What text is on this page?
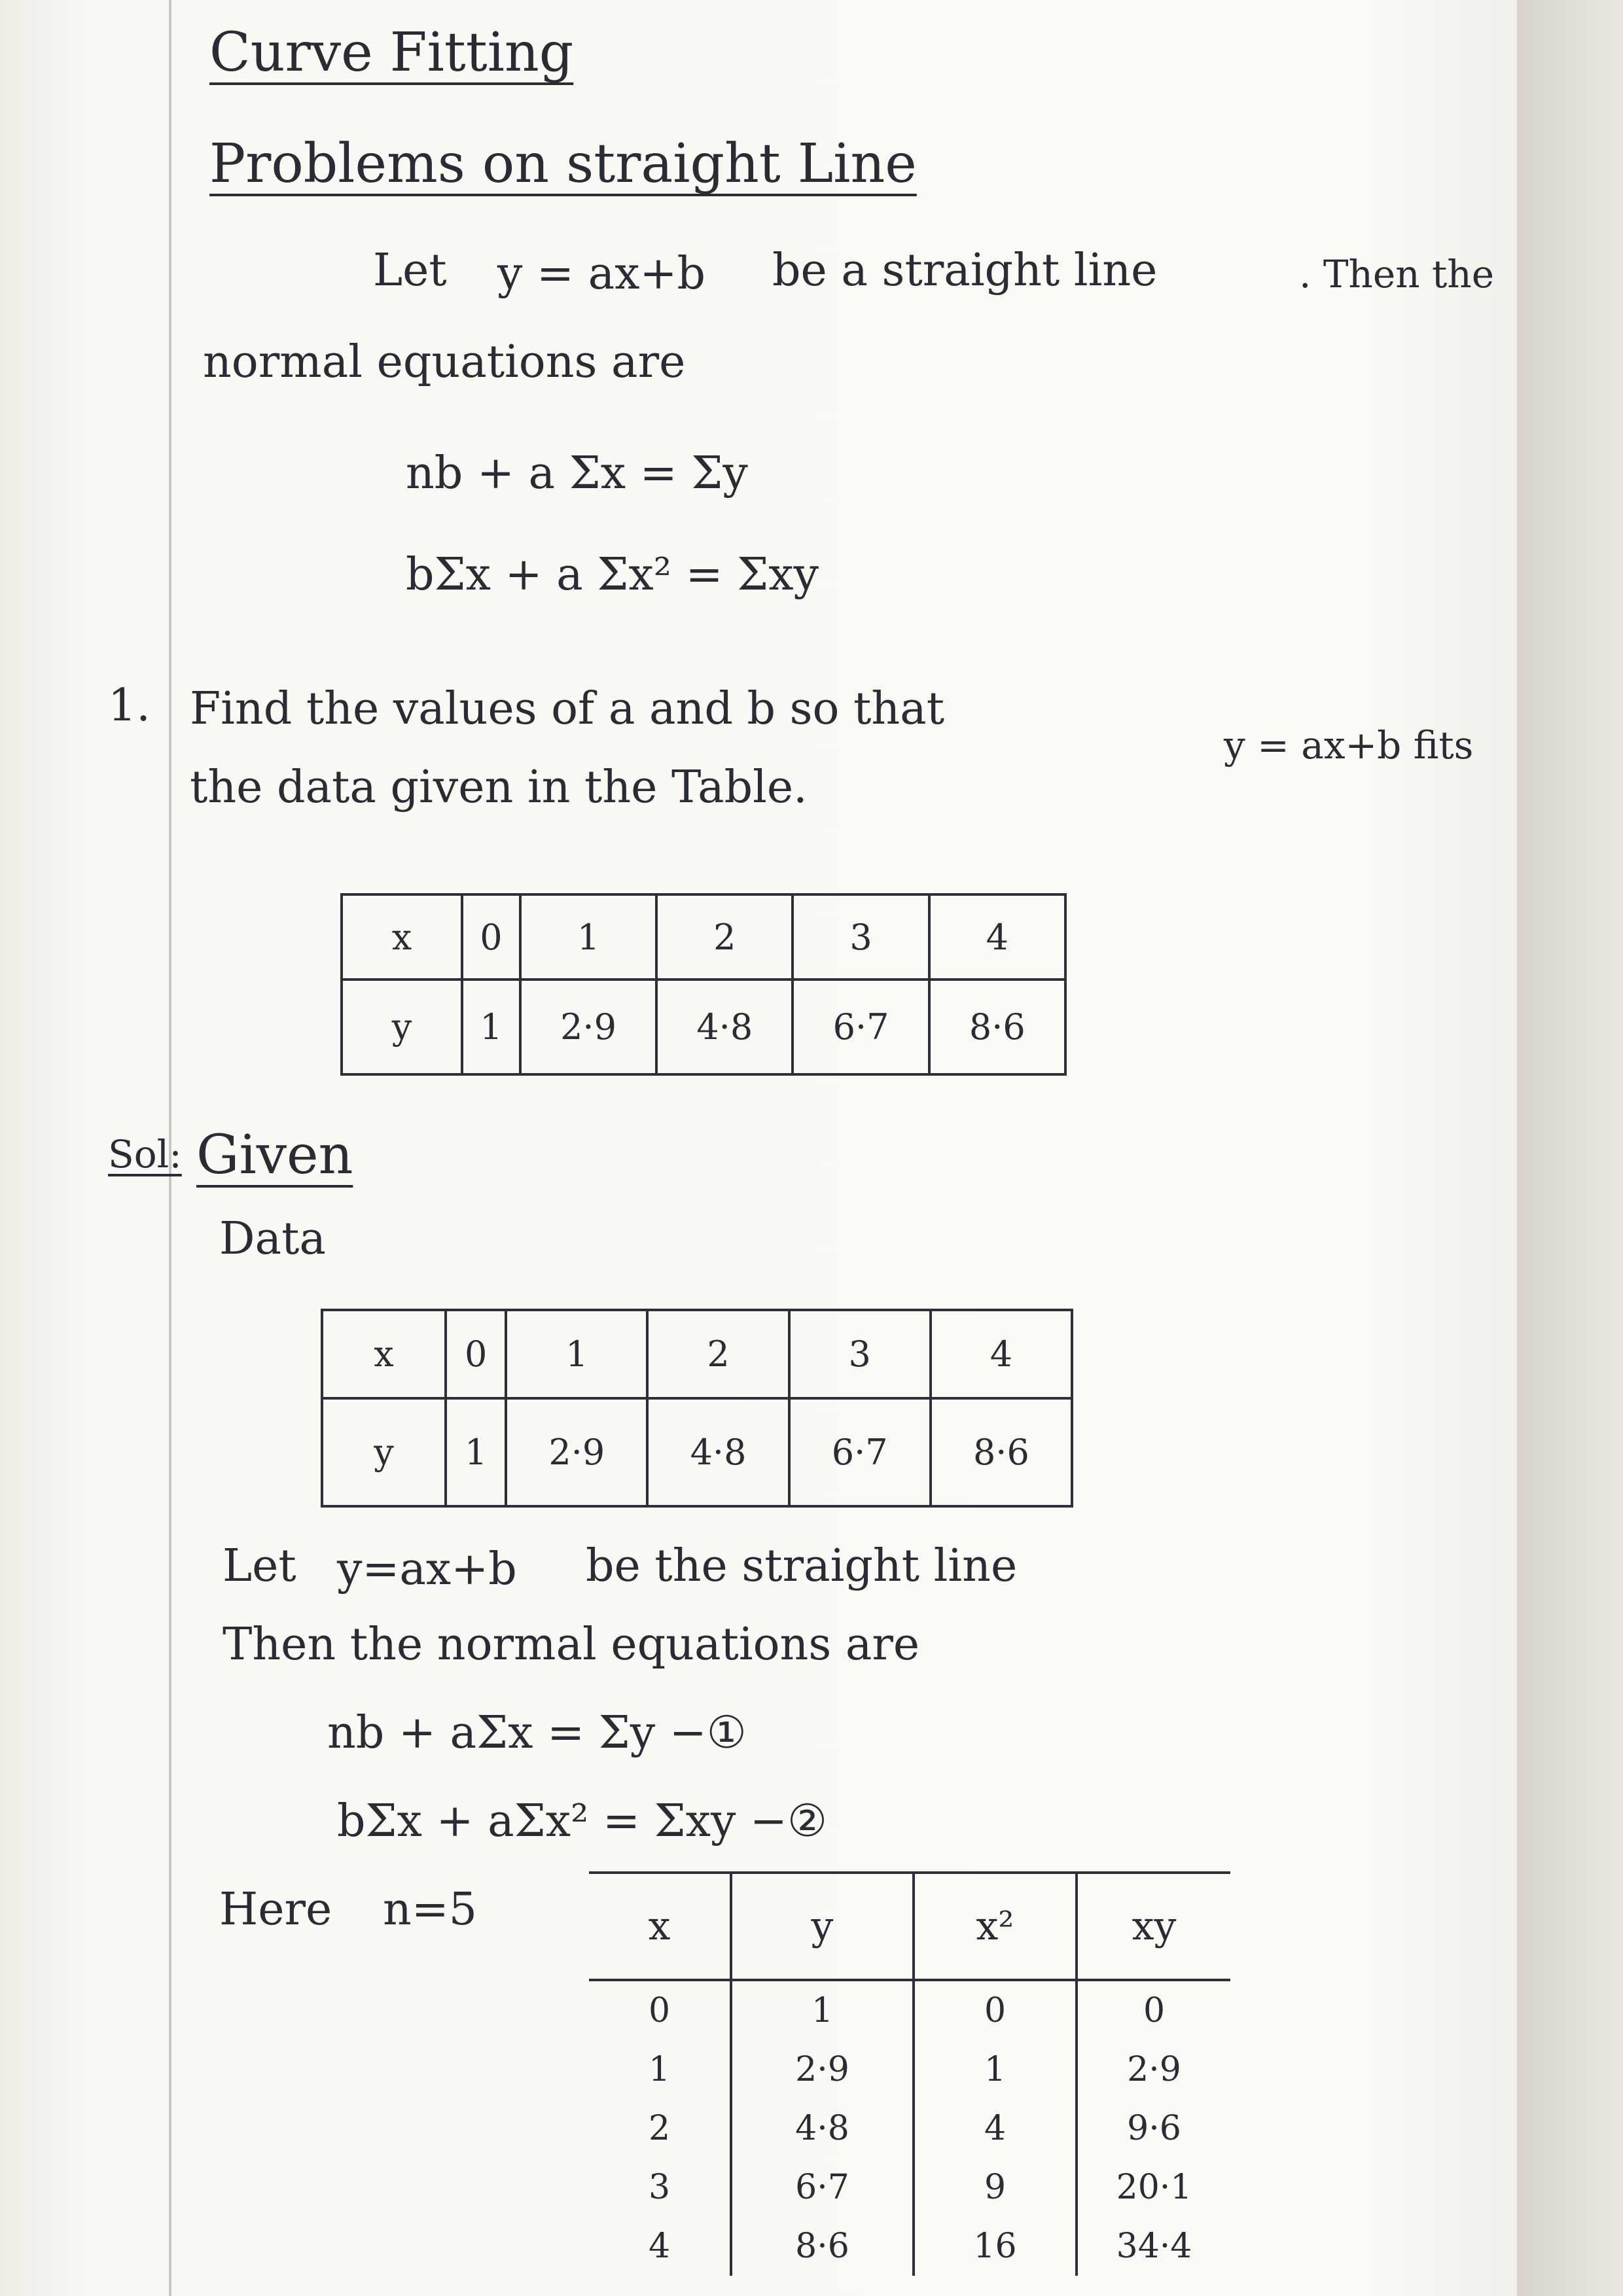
Curve Fitting
Problems on straight Line
Let y = ax+b be a straight line	. Then the
normal equations are
nb + a Σx = Σy
bΣx + a Σx² = Σxy
1. Find the values of a and b so that
y = ax+b fits
the data given in the Table.
x	0	1	2	3	4
y	1	2·9	4·8	6·7	8·6
Sol: Given
Data
x	0	1	2	3	4
y	1	2·9	4·8	6·7	8·6
Let y=ax+b be the straight line
Then the normal equations are
nb + aΣx = Σy −①
bΣx + aΣx² = Σxy −②
Here n=5	x	y	x²	xy
0	1	0	0
1	2·9	1	2·9
2	4·8	4	9·6
3	6·7	9	20·1
4	8·6	16	34·4
